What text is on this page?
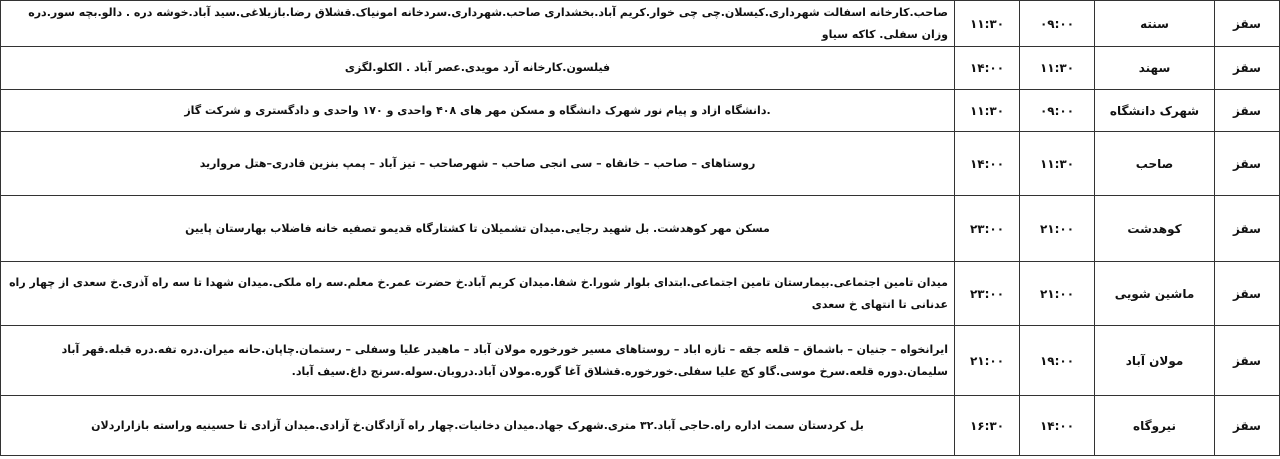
سقز	سنته	۰۹:۰۰	۱۱:۳۰	صاحب.کارخانه اسفالت شهرداری.کیسلان.چی چی خوار.کریم آباد.بخشداری صاحب.شهرداری.سردخانه امونیاک.قشلاق رضا.بازیلاغی.سید آباد.خوشه دره . دالو.بچه سور.دره وزان سفلی. کاکه سیاو
سقز	سهند	۱۱:۳۰	۱۴:۰۰	فیلسون.کارخانه آرد مویدی.عصر آباد . الکلو.لگزی
سقز	شهرک دانشگاه	۰۹:۰۰	۱۱:۳۰	.دانشگاه ازاد و پیام نور شهرک دانشگاه و مسکن مهر های ۴۰۸ واحدی و ۱۷۰ واحدی و دادگستری و شرکت گاز
سقز	صاحب	۱۱:۳۰	۱۴:۰۰	روستاهای – صاحب – خانقاه – سی انجی صاحب – شهرصاحب – تیز آباد – پمپ بنزین قادری–هتل مرواريد
سقز	کوهدشت	۲۱:۰۰	۲۳:۰۰	مسکن مهر کوهدشت. بل شهید رجایی.میدان تشمیلان تا کشتارگاه قدیمو تصفیه خانه فاضلاب بهارستان پایین
سقز	ماشین شویی	۲۱:۰۰	۲۳:۰۰	میدان تامین اجتماعی.بیمارستان تامین اجتماعی.ابتدای بلوار شورا.خ شفا.میدان کریم آباد.خ حضرت عمر.خ معلم.سه راه ملکی.میدان شهدا تا سه راه آذری.خ سعدی از چهار راه عدنانی تا انتهای خ سعدی
سقز	مولان آباد	۱۹:۰۰	۲۱:۰۰	ایرانخواه – جنیان – باشماق – قلعه جقه – تازه اباد – روستاهای مسیر خورخوره مولان آباد – ماهیدر علیا وسفلی – رستمان.چاپان.حانه میران.دره تفه.دره قبله.قهر آباد سلیمان.دوره قلعه.سرخ موسی.گاو کچ علیا سفلی.خورخوره.قشلاق آغا گوره.مولان آباد.دروبان.سوله.سرنج داغ.سیف آباد.
سقز	نیروگاه	۱۴:۰۰	۱۶:۳۰	بل کردستان سمت اداره راه.حاجی آباد.۳۲ متری.شهرک جهاد.میدان دخانیات.چهار راه آزادگان.خ آزادی.میدان آزادی تا حسینیه وراسته بازاراردلان
